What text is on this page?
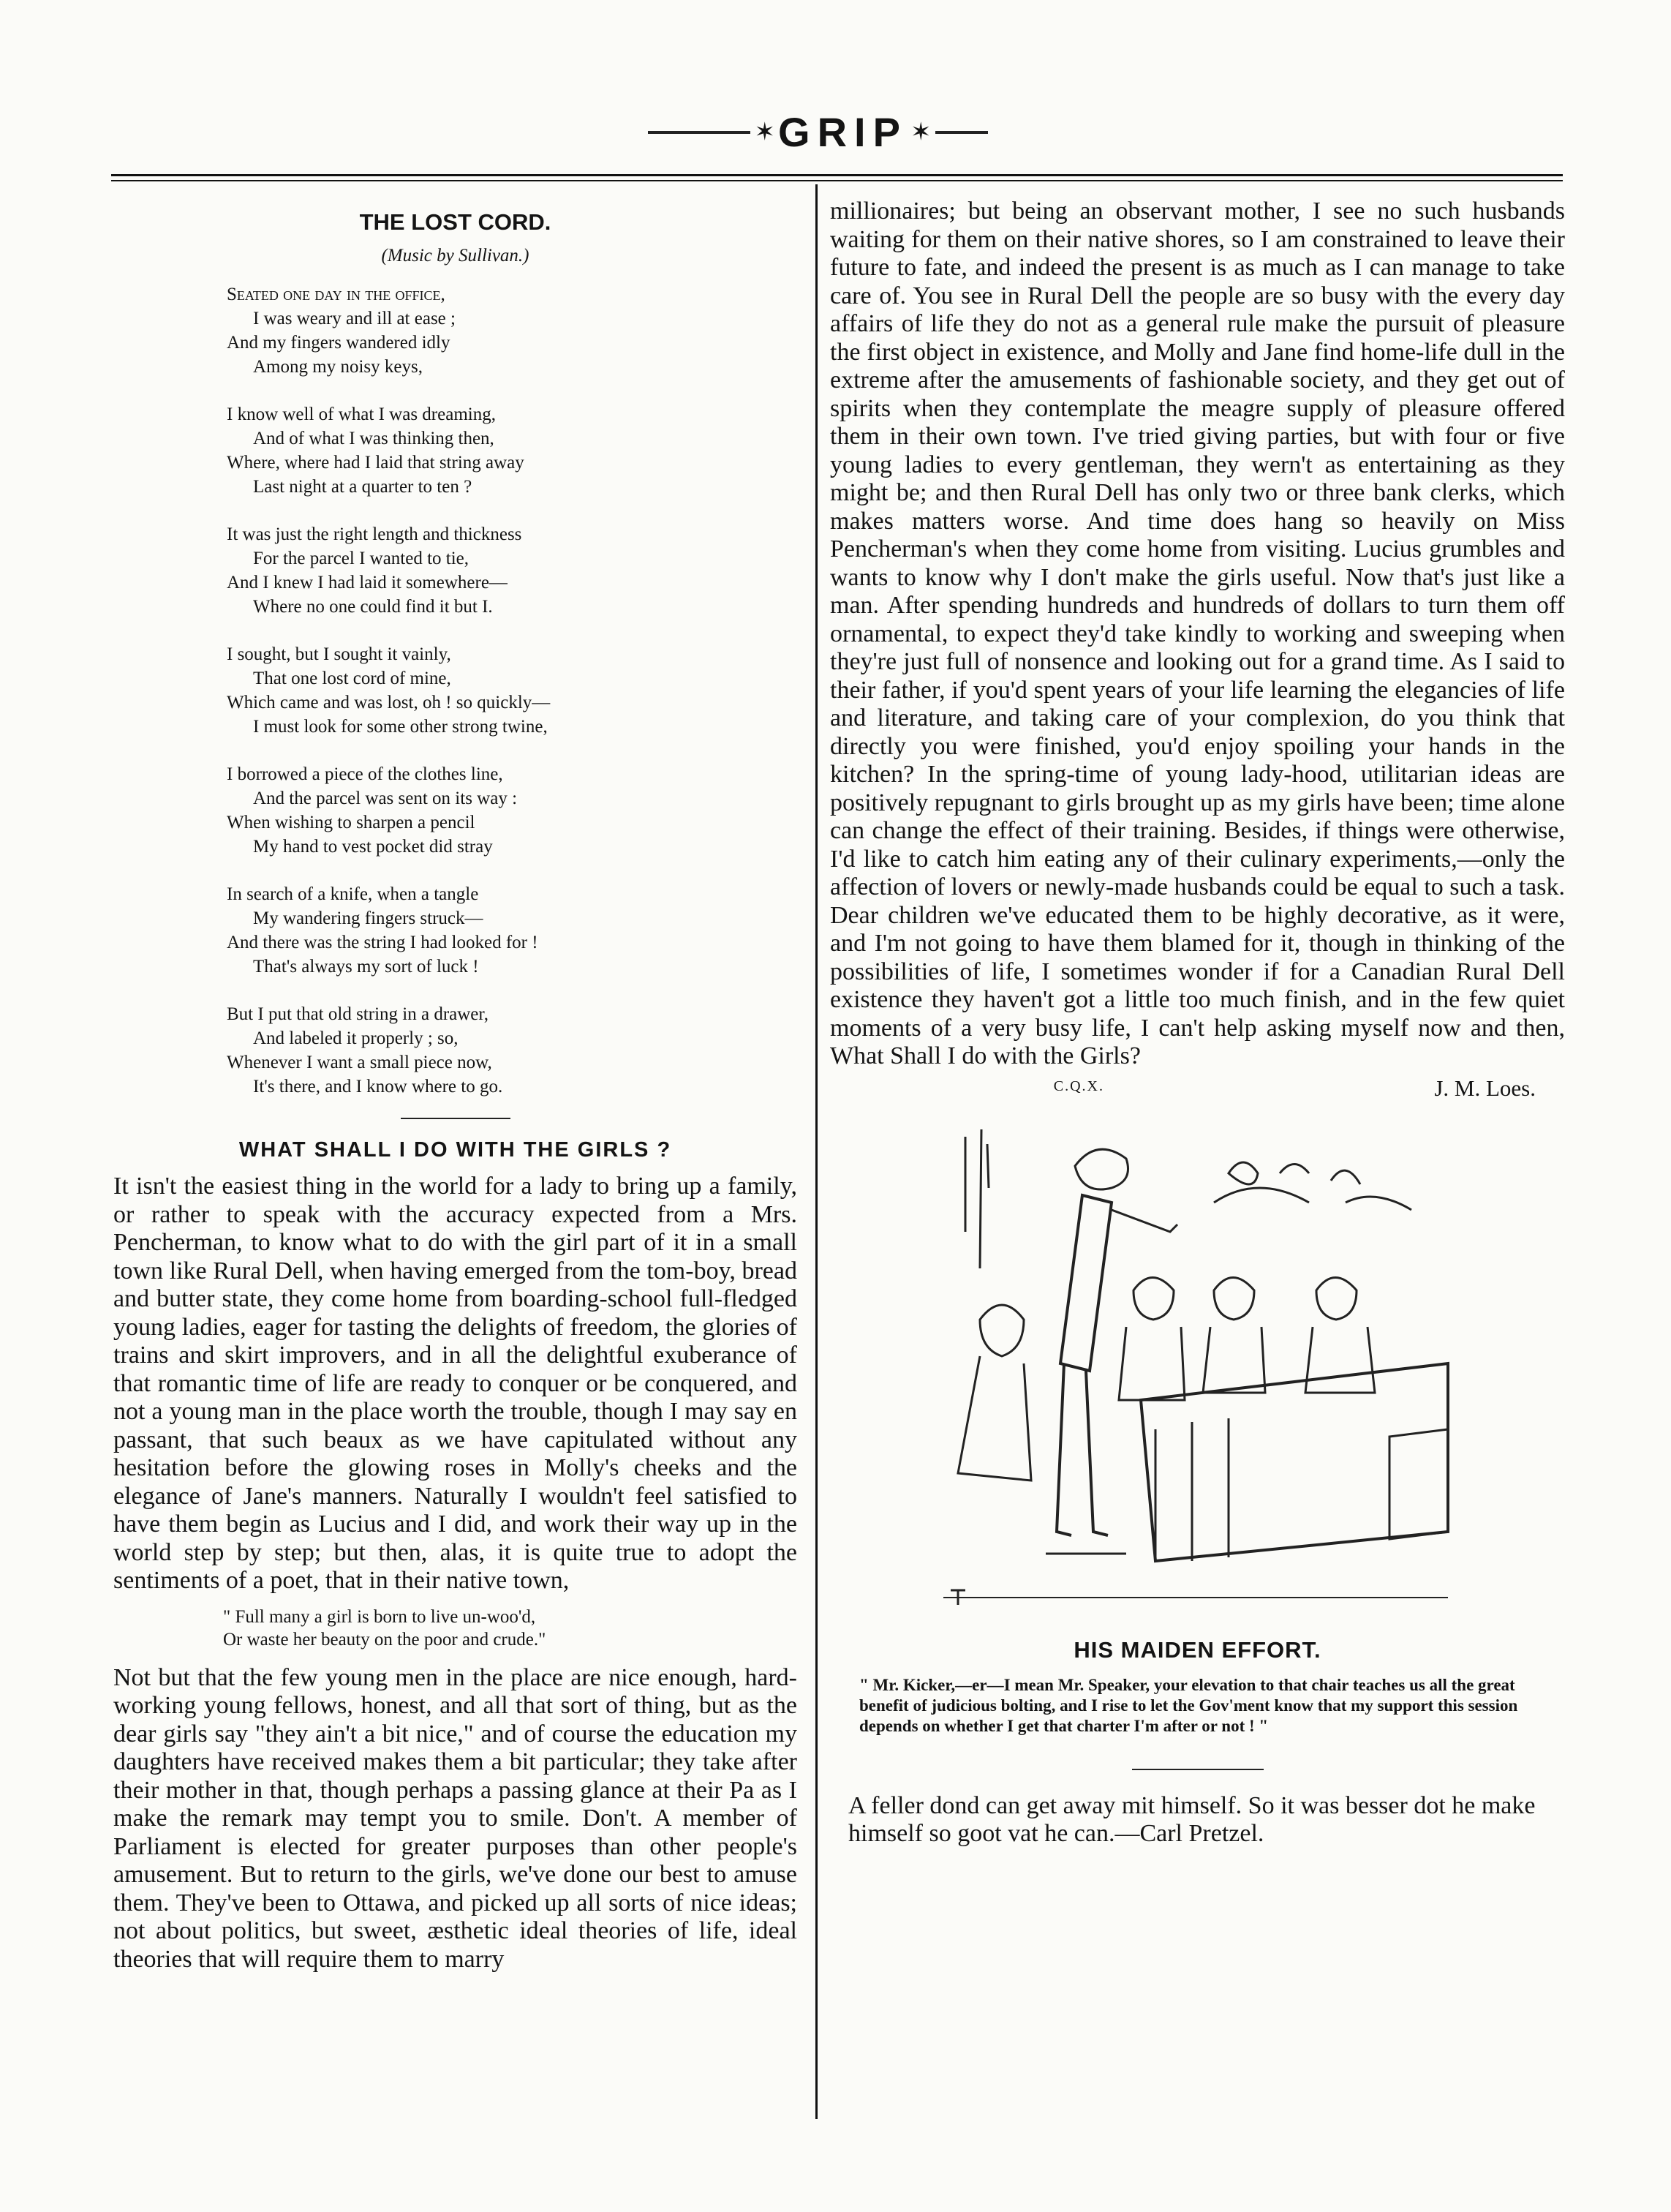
✶ GRIP ✶
THE LOST CORD.
(Music by Sullivan.)
Seated one day in the office,
I was weary and ill at ease ;
And my fingers wandered idly
Among my noisy keys,
I know well of what I was dreaming,
And of what I was thinking then,
Where, where had I laid that string away
Last night at a quarter to ten ?
It was just the right length and thickness
For the parcel I wanted to tie,
And I knew I had laid it somewhere—
Where no one could find it but I.
I sought, but I sought it vainly,
That one lost cord of mine,
Which came and was lost, oh ! so quickly—
I must look for some other strong twine,
I borrowed a piece of the clothes line,
And the parcel was sent on its way :
When wishing to sharpen a pencil
My hand to vest pocket did stray
In search of a knife, when a tangle
My wandering fingers struck—
And there was the string I had looked for !
That's always my sort of luck !
But I put that old string in a drawer,
And labeled it properly ; so,
Whenever I want a small piece now,
It's there, and I know where to go.	C.Q.X.
WHAT SHALL I DO WITH THE GIRLS ?

It isn't the easiest thing in the world for a lady to bring up a family, or rather to speak with the accuracy expected from a Mrs. Pencherman, to know what to do with the girl part of it in a small town like Rural Dell, when having emerged from the tom-boy, bread and butter state, they come home from boarding-school full-fledged young ladies, eager for tasting the delights of freedom, the glories of trains and skirt improvers, and in all the delightful exuberance of that romantic time of life are ready to conquer or be conquered, and not a young man in the place worth the trouble, though I may say en passant, that such beaux as we have capitulated without any hesitation before the glowing roses in Molly's cheeks and the elegance of Jane's manners. Naturally I wouldn't feel satisfied to have them begin as Lucius and I did, and work their way up in the world step by step; but then, alas, it is quite true to adopt the sentiments of a poet, that in their native town,

" Full many a girl is born to live un-woo'd,
Or waste her beauty on the poor and crude."

Not but that the few young men in the place are nice enough, hard-working young fellows, honest, and all that sort of thing, but as the dear girls say "they ain't a bit nice," and of course the education my daughters have received makes them a bit particular; they take after their mother in that, though perhaps a passing glance at their Pa as I make the remark may tempt you to smile. Don't. A member of Parliament is elected for greater purposes than other people's amusement. But to return to the girls, we've done our best to amuse them. They've been to Ottawa, and picked up all sorts of nice ideas; not about politics, but sweet, æsthetic ideal theories of life, ideal theories that will require them to marry

millionaires; but being an observant mother, I see no such husbands waiting for them on their native shores, so I am constrained to leave their future to fate, and indeed the present is as much as I can manage to take care of. You see in Rural Dell the people are so busy with the every day affairs of life they do not as a general rule make the pursuit of pleasure the first object in existence, and Molly and Jane find home-life dull in the extreme after the amusements of fashionable society, and they get out of spirits when they contemplate the meagre supply of pleasure offered them in their own town. I've tried giving parties, but with four or five young ladies to every gentleman, they wern't as entertaining as they might be; and then Rural Dell has only two or three bank clerks, which makes matters worse. And time does hang so heavily on Miss Pencherman's when they come home from visiting. Lucius grumbles and wants to know why I don't make the girls useful. Now that's just like a man. After spending hundreds and hundreds of dollars to turn them off ornamental, to expect they'd take kindly to working and sweeping when they're just full of nonsence and looking out for a grand time. As I said to their father, if you'd spent years of your life learning the elegancies of life and literature, and taking care of your complexion, do you think that directly you were finished, you'd enjoy spoiling your hands in the kitchen? In the spring-time of young lady-hood, utilitarian ideas are positively repugnant to girls brought up as my girls have been; time alone can change the effect of their training. Besides, if things were otherwise, I'd like to catch him eating any of their culinary experiments,—only the affection of lovers or newly-made husbands could be equal to such a task. Dear children we've educated them to be highly decorative, as it were, and I'm not going to have them blamed for it, though in thinking of the possibilities of life, I sometimes wonder if for a Canadian Rural Dell existence they haven't got a little too much finish, and in the few quiet moments of a very busy life, I can't help asking myself now and then, What Shall I do with the Girls?

J. M. Loes.
HIS MAIDEN EFFORT.
" Mr. Kicker,—er—I mean Mr. Speaker, your elevation to that chair teaches us all the great benefit of judicious bolting, and I rise to let the Gov'ment know that my support this session depends on whether I get that charter I'm after or not ! "

A feller dond can get away mit himself. So it was besser dot he make himself so goot vat he can.—Carl Pretzel.
